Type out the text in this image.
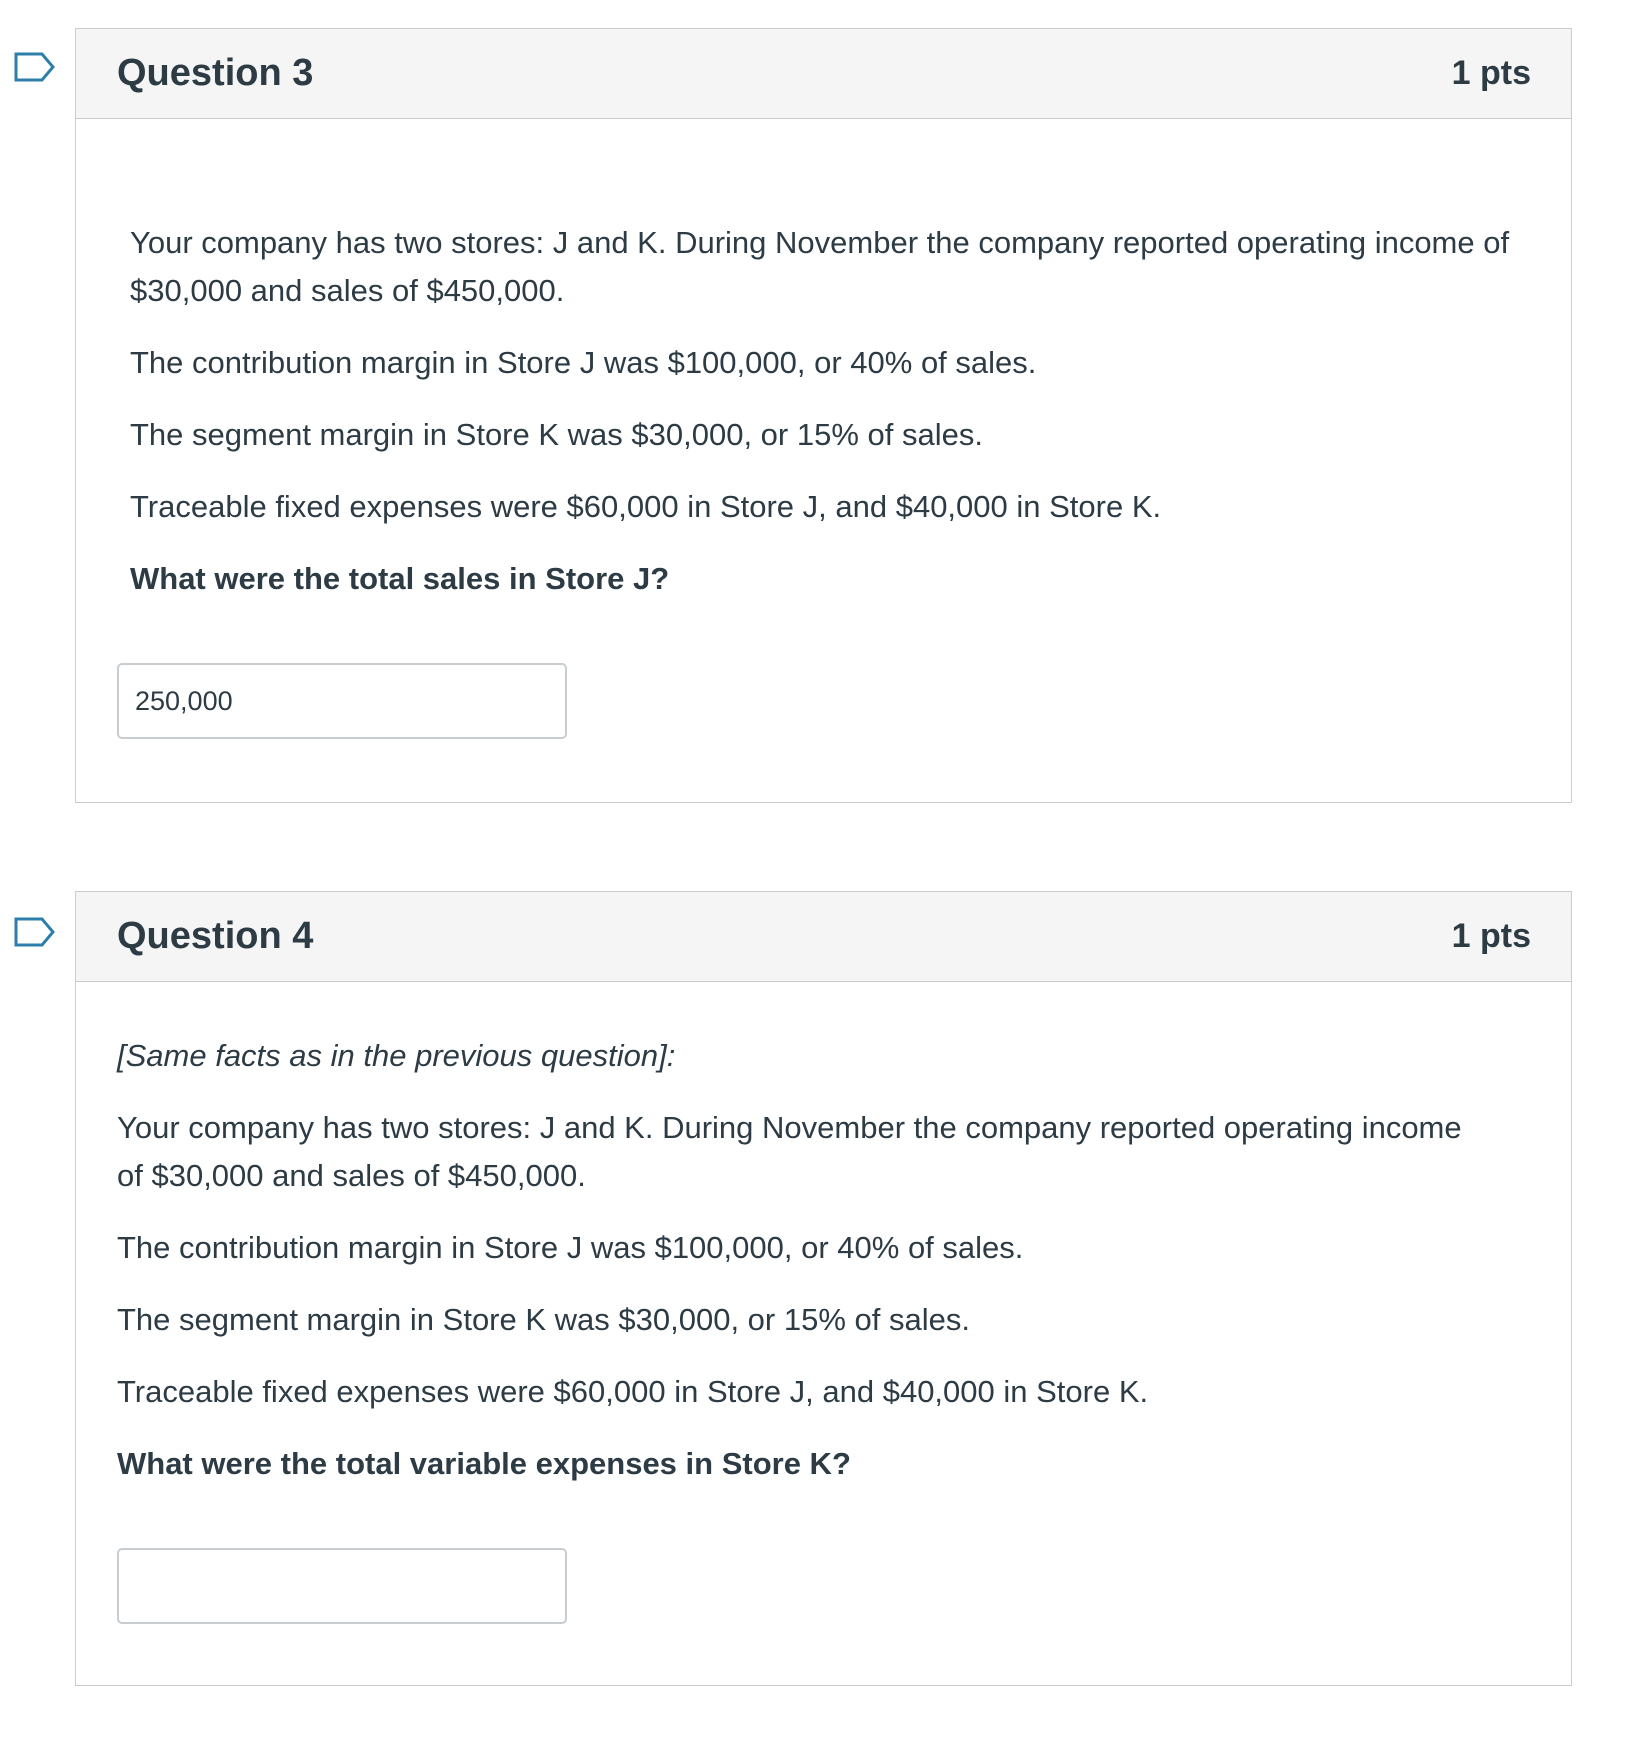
Question 3	1 pts

Your company has two stores: J and K. During November the company reported operating income of $30,000 and sales of $450,000.

The contribution margin in Store J was $100,000, or 40% of sales.

The segment margin in Store K was $30,000, or 15% of sales.

Traceable fixed expenses were $60,000 in Store J, and $40,000 in Store K.

What were the total sales in Store J?

250,000
Question 4	1 pts

[Same facts as in the previous question]:

Your company has two stores: J and K. During November the company reported operating income of $30,000 and sales of $450,000.

The contribution margin in Store J was $100,000, or 40% of sales.

The segment margin in Store K was $30,000, or 15% of sales.

Traceable fixed expenses were $60,000 in Store J, and $40,000 in Store K.

What were the total variable expenses in Store K?
